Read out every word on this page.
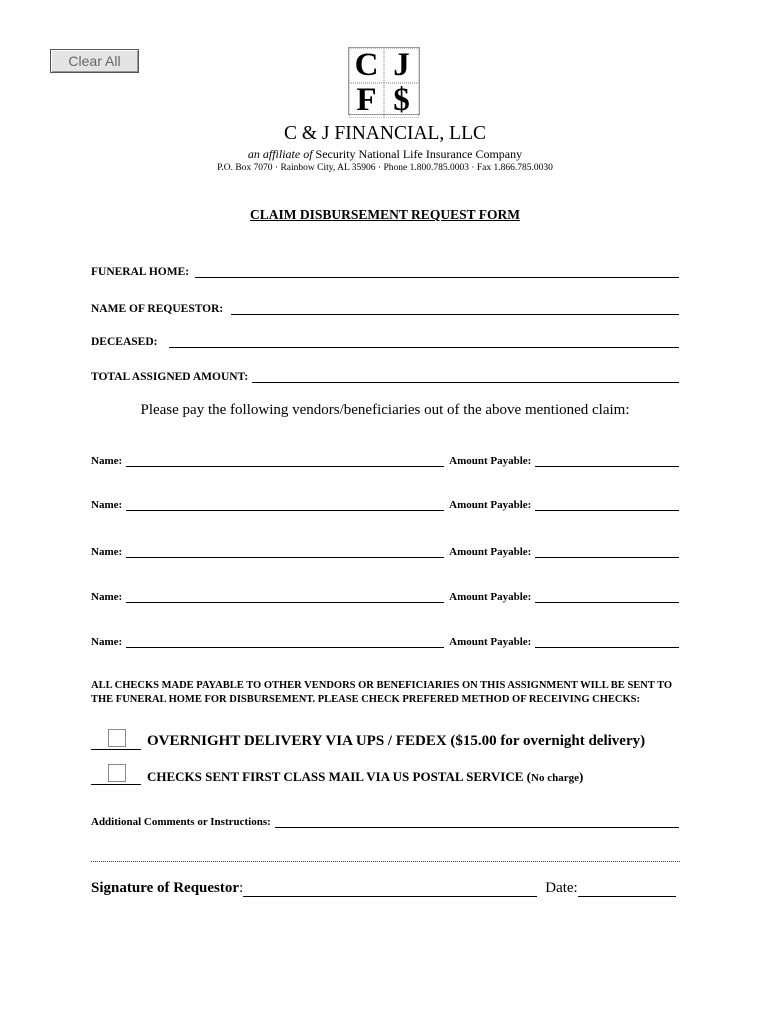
Clear All	C J
F $
C & J FINANCIAL, LLC
an affiliate of Security National Life Insurance Company
P.O. Box 7070 · Rainbow City, AL 35906 · Phone 1.800.785.0003 · Fax 1.866.785.0030
CLAIM DISBURSEMENT REQUEST FORM
FUNERAL HOME:
NAME OF REQUESTOR:
DECEASED:
TOTAL ASSIGNED AMOUNT:
Please pay the following vendors/beneficiaries out of the above mentioned claim:
Name:	Amount Payable:
Name:	Amount Payable:
Name:	Amount Payable:
Name:	Amount Payable:
Name:	Amount Payable:
ALL CHECKS MADE PAYABLE TO OTHER VENDORS OR BENEFICIARIES ON THIS ASSIGNMENT WILL BE SENT TO THE FUNERAL HOME FOR DISBURSEMENT. PLEASE CHECK PREFERED METHOD OF RECEIVING CHECKS:
OVERNIGHT DELIVERY VIA UPS / FEDEX ($15.00 for overnight delivery)
CHECKS SENT FIRST CLASS MAIL VIA US POSTAL SERVICE (No charge)
Additional Comments or Instructions:
Signature of Requestor :	Date:
